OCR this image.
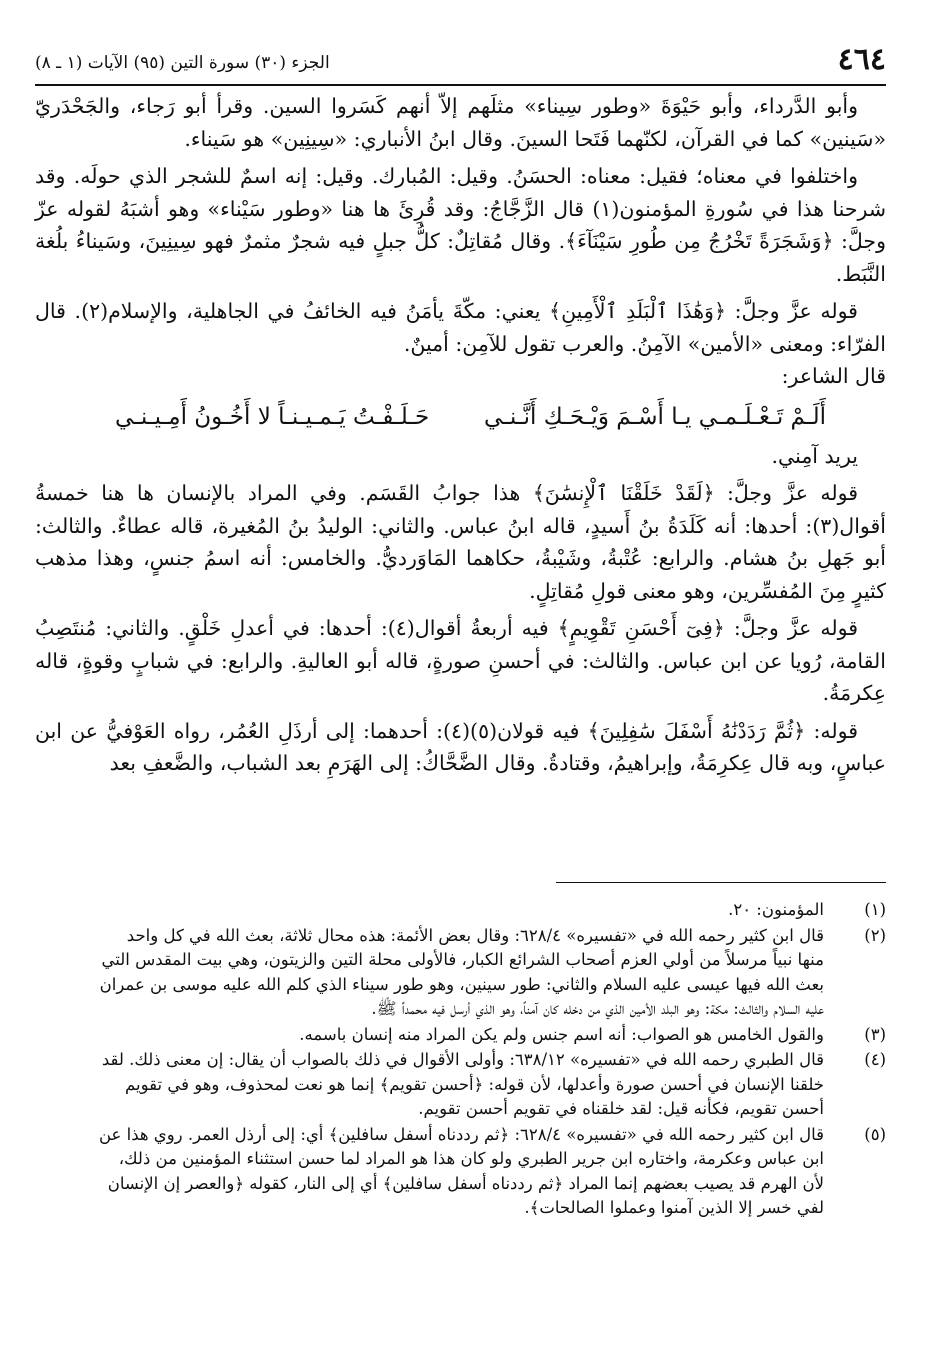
٤٦٤
الجزء (٣٠) سورة التين (٩٥) الآيات (١ ـ ٨)

وأبو الدَّرداء، وأبو حَيْوَةَ «وطور سِيناء» مثلَهم إلاّ أنهم كَسَروا السين. وقرأ أبو رَجاء، والجَحْدَريّ «سَينين» كما في القرآن، لكنّهما فَتَحا السينَ. وقال ابنُ الأنباري: «سِينِين» هو سَيناء.

واختلفوا في معناه؛ فقيل: معناه: الحسَنُ. وقيل: المُبارك. وقيل: إنه اسمٌ للشجر الذي حولَه. وقد شرحنا هذا في سُورةِ المؤمنون(١) قال الزَّجَّاجُ: وقد قُرِئَ ها هنا «وطور سَيْناء» وهو أشبَهُ لقوله عزّ وجلَّ: ﴿وَشَجَرَةً تَخْرُجُ مِن طُورِ سَيْنَآءَ﴾. وقال مُقاتِلٌ: كلُّ جبلٍ فيه شجرٌ مثمرٌ فهو سِينِينَ، وسَيناءُ بلُغة النَّبَط.

قوله عزَّ وجلَّ: ﴿وَهَٰذَا ٱلْبَلَدِ ٱلْأَمِينِ﴾ يعني: مكّةَ يأمَنُ فيه الخائفُ في الجاهلية، والإسلام(٢). قال الفرّاء: ومعنى «الأمين» الآمِنُ. والعرب تقول للآمِن: أمينٌ.
قال الشاعر:

أَلَـمْ تَـعْـلَـمـي يـا أَسْـمَ وَيْـحَـكِ أَنَّـنـي
حَـلَـفْـتُ يَـمـيـنـاً لا أَخُـونُ أَمِـيـنـي

يريد آمِني.

قوله عزَّ وجلَّ: ﴿لَقَدْ خَلَقْنَا ٱلْإِنسَٰنَ﴾ هذا جوابُ القَسَم. وفي المراد بالإنسان ها هنا خمسةُ أقوال(٣): أحدها: أنه كَلَدَةُ بنُ أَسيدٍ، قاله ابنُ عباس. والثاني: الوليدُ بنُ المُغيرة، قاله عطاءٌ. والثالث: أبو جَهلِ بنُ هشام. والرابع: عُتْبةُ، وشَيْبةُ، حكاهما المَاوَرديُّ. والخامس: أنه اسمُ جنسٍ، وهذا مذهب كثيرٍ مِنَ المُفسِّرين، وهو معنى قولِ مُقاتِلٍ.

قوله عزَّ وجلَّ: ﴿فِىٓ أَحْسَنِ تَقْوِيمٍ﴾ فيه أربعةُ أقوال(٤): أحدها: في أعدلِ خَلْقٍ. والثاني: مُنتَصِبُ القامة، رُويا عن ابن عباس. والثالث: في أحسنِ صورةٍ، قاله أبو العاليةِ. والرابع: في شبابٍ وقوةٍ، قاله عِكرمَةُ.

قوله: ﴿ثُمَّ رَدَدْنَٰهُ أَسْفَلَ سَٰفِلِينَ﴾ فيه قولان(٥)(٤): أحدهما: إلى أرذَلِ العُمُر، رواه العَوْفيُّ عن ابن عباسٍ، وبه قال عِكرِمَةُ، وإبراهيمُ، وقتادةُ. وقال الضَّحَّاكُ: إلى الهَرَمِ بعد الشباب، والضَّعفِ بعد

(١)
المؤمنون: ٢٠.
(٢)
قال ابن كثير رحمه الله في «تفسيره» ٦٢٨/٤: وقال بعض الأئمة: هذه محال ثلاثة، بعث الله في كل واحد
منها نبياً مرسلاً من أولي العزم أصحاب الشرائع الكبار، فالأولى محلة التين والزيتون، وهي بيت المقدس التي
بعث الله فيها عيسى عليه السلام والثاني: طور سينين، وهو طور سيناء الذي كلم الله عليه موسى بن عمران
عليه السلام والثالث: مكة: وهو البلد الأمين الذي من دخله كان آمناً، وهو الذي أرسل فيه محمداً ﷺ.
(٣)
والقول الخامس هو الصواب: أنه اسم جنس ولم يكن المراد منه إنسان باسمه.
(٤)
قال الطبري رحمه الله في «تفسيره» ٦٣٨/١٢: وأولى الأقوال في ذلك بالصواب أن يقال: إن معنى ذلك. لقد
خلقنا الإنسان في أحسن صورة وأعدلها، لأن قوله: ﴿أحسن تقويم﴾ إنما هو نعت لمحذوف، وهو في تقويم
أحسن تقويم، فكأنه قيل: لقد خلقناه في تقويم أحسن تقويم.
(٥)
قال ابن كثير رحمه الله في «تفسيره» ٦٢٨/٤: ﴿ثم رددناه أسفل سافلين﴾ أي: إلى أرذل العمر. روي هذا عن
ابن عباس وعكرمة، واختاره ابن جرير الطبري ولو كان هذا هو المراد لما حسن استثناء المؤمنين من ذلك،
لأن الهرم قد يصيب بعضهم إنما المراد ﴿ثم رددناه أسفل سافلين﴾ أي إلى النار، كقوله ﴿والعصر إن الإنسان
لفي خسر إلا الذين آمنوا وعملوا الصالحات﴾.
